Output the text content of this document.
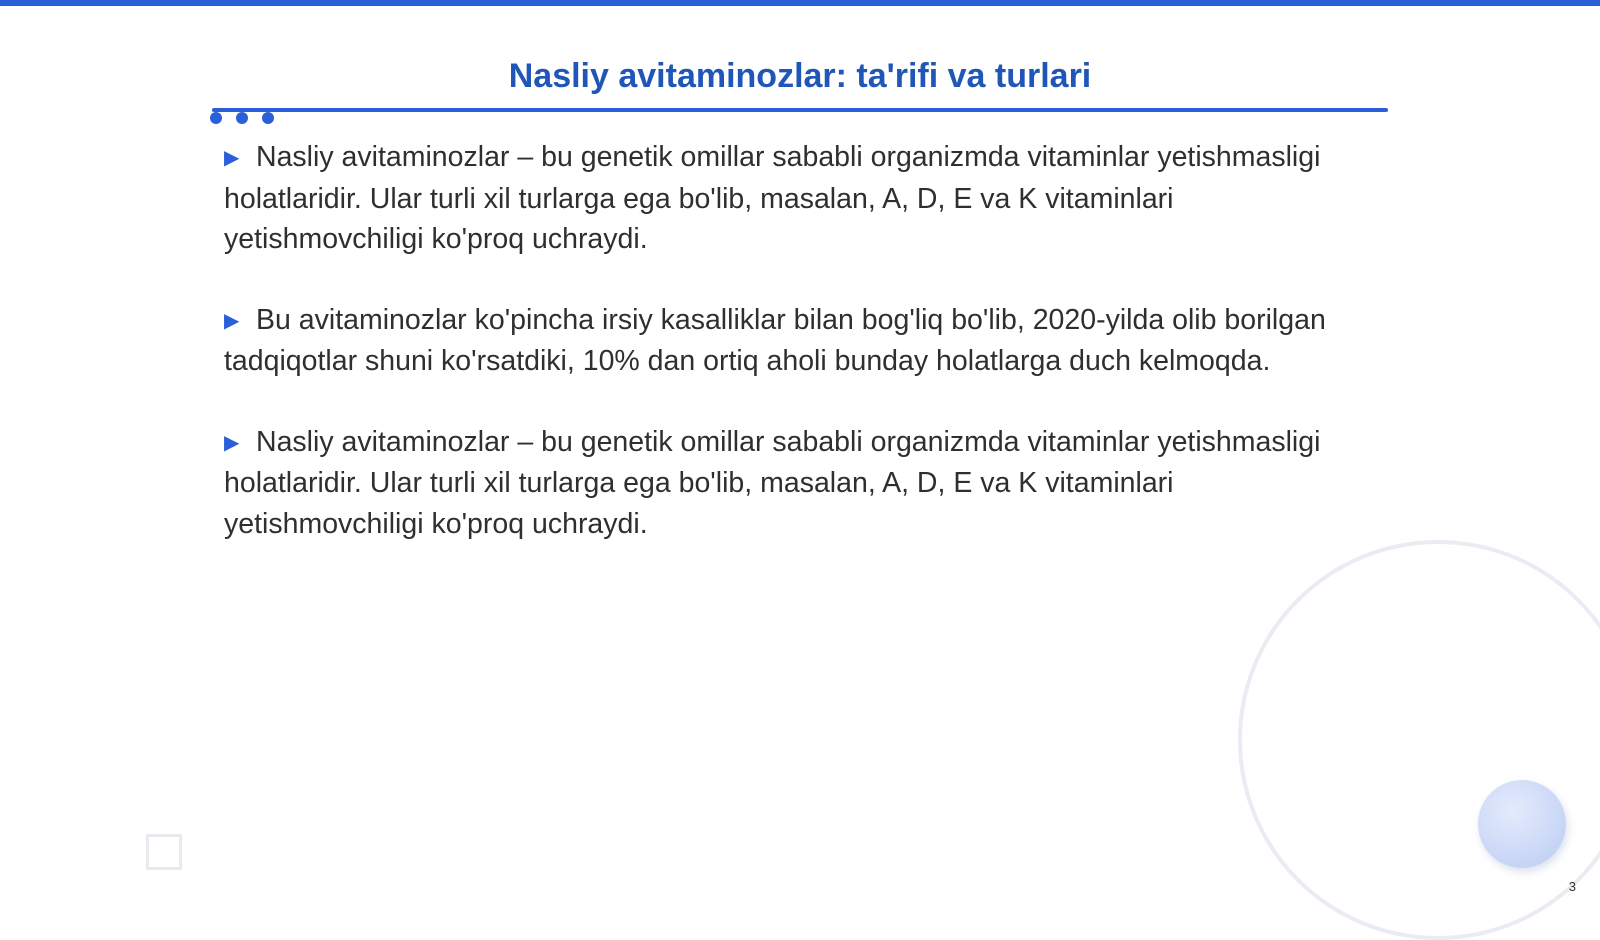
Nasliy avitaminozlar: ta'rifi va turlari

▶ Nasliy avitaminozlar – bu genetik omillar sababli organizmda vitaminlar yetishmasligi holatlaridir. Ular turli xil turlarga ega bo'lib, masalan, A, D, E va K vitaminlari yetishmovchiligi ko'proq uchraydi.

▶ Bu avitaminozlar ko'pincha irsiy kasalliklar bilan bog'liq bo'lib, 2020-yilda olib borilgan tadqiqotlar shuni ko'rsatdiki, 10% dan ortiq aholi bunday holatlarga duch kelmoqda.

▶ Nasliy avitaminozlar – bu genetik omillar sababli organizmda vitaminlar yetishmasligi holatlaridir. Ular turli xil turlarga ega bo'lib, masalan, A, D, E va K vitaminlari yetishmovchiligi ko'proq uchraydi.

3
